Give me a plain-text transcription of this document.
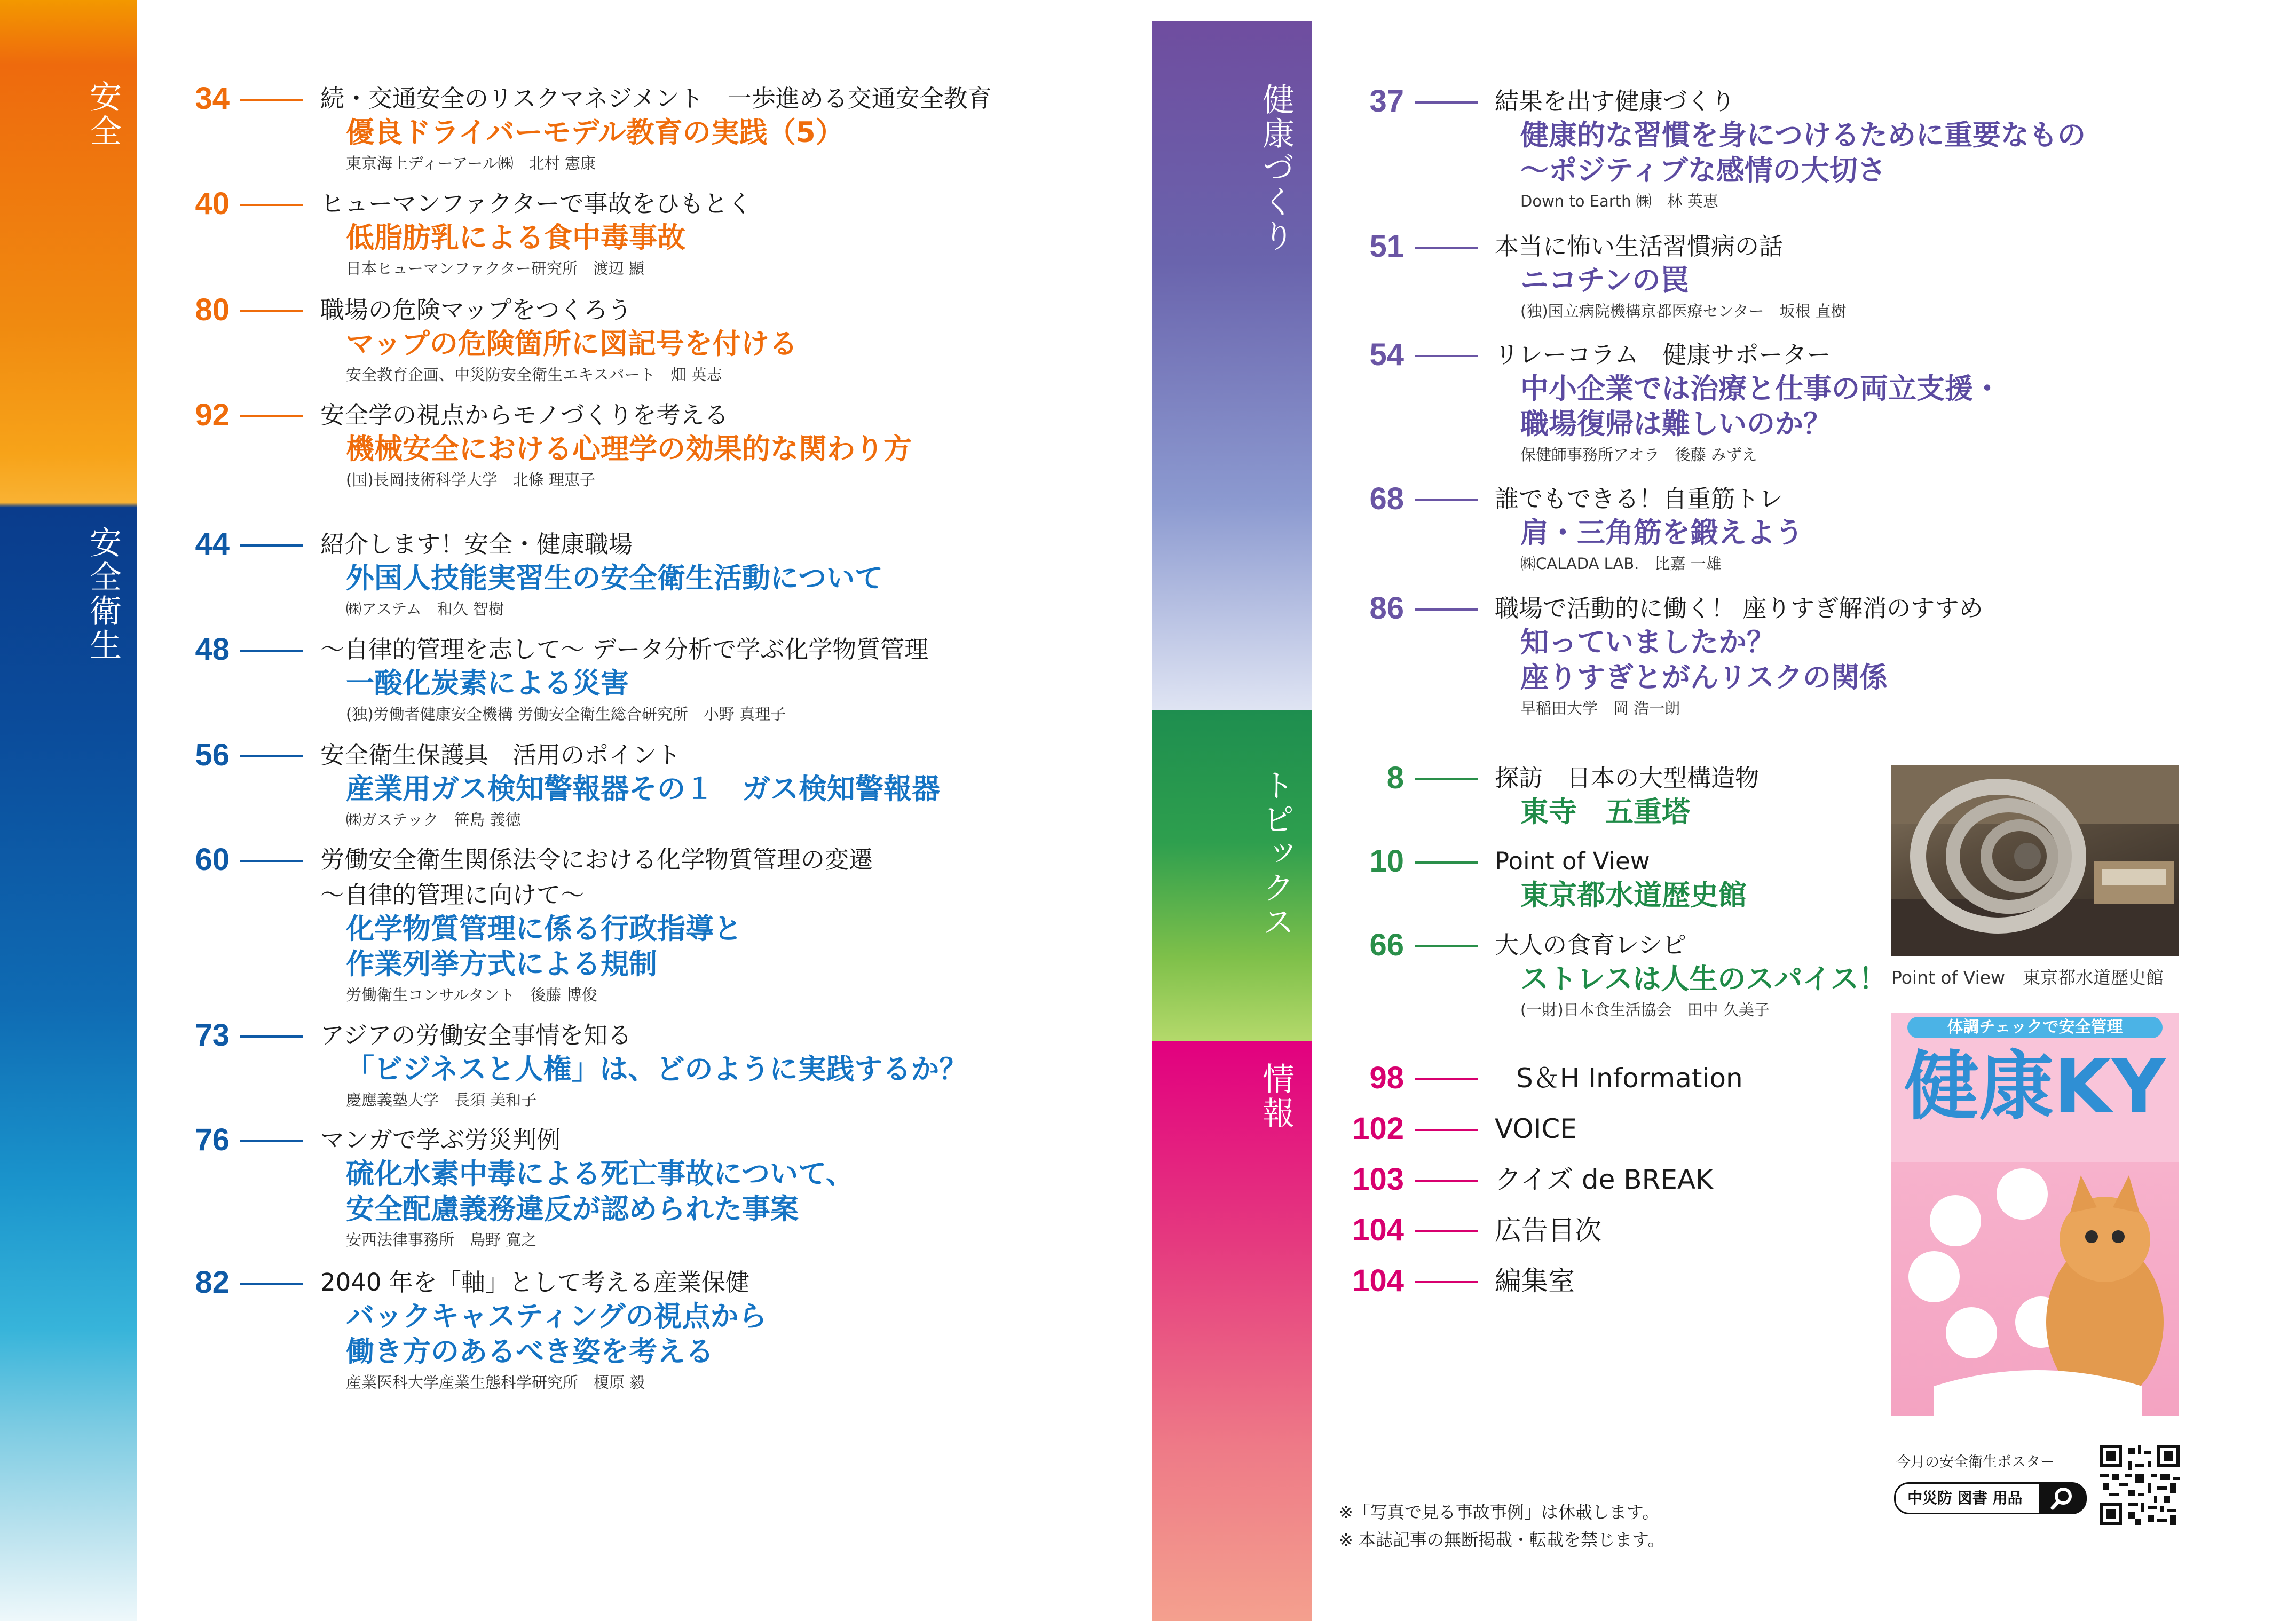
安全
安全衛生
健康づくり
トピックス
情報
34	続・交通安全のリスクマネジメント　一歩進める交通安全教育
優良ドライバーモデル教育の実践（5）
東京海上ディーアール㈱　北村 憲康
40	ヒューマンファクターで事故をひもとく
低脂肪乳による食中毒事故
日本ヒューマンファクター研究所　渡辺 顯
80	職場の危険マップをつくろう
マップの危険箇所に図記号を付ける
安全教育企画、中災防安全衛生エキスパート　畑 英志
92	安全学の視点からモノづくりを考える
機械安全における心理学の効果的な関わり方
(国)長岡技術科学大学　北條 理恵子
44	紹介します！安全・健康職場
外国人技能実習生の安全衛生活動について
㈱アステム　和久 智樹
48	～自律的管理を志して～ データ分析で学ぶ化学物質管理
一酸化炭素による災害
(独)労働者健康安全機構 労働安全衛生総合研究所　小野 真理子
56	安全衛生保護具　活用のポイント
産業用ガス検知警報器その１　ガス検知警報器
㈱ガステック　笹島 義徳
60	労働安全衛生関係法令における化学物質管理の変遷
～自律的管理に向けて～
化学物質管理に係る行政指導と
作業列挙方式による規制
労働衛生コンサルタント　後藤 博俊
73	アジアの労働安全事情を知る
「ビジネスと人権」は、どのように実践するか？
慶應義塾大学　長須 美和子
76	マンガで学ぶ労災判例
硫化水素中毒による死亡事故について、
安全配慮義務違反が認められた事案
安西法律事務所　島野 寛之
82	2040 年を「軸」として考える産業保健
バックキャスティングの視点から
働き方のあるべき姿を考える
産業医科大学産業生態科学研究所　榎原 毅
37	結果を出す健康づくり
健康的な習慣を身につけるために重要なもの
～ポジティブな感情の大切さ
Down to Earth ㈱　林 英恵
51	本当に怖い生活習慣病の話
ニコチンの罠
(独)国立病院機構京都医療センター　坂根 直樹
54	リレーコラム　健康サポーター
中小企業では治療と仕事の両立支援・
職場復帰は難しいのか？
保健師事務所アオラ　後藤 みずえ
68	誰でもできる！自重筋トレ
肩・三角筋を鍛えよう
㈱CALADA LAB.　比嘉 一雄
86	職場で活動的に働く！ 座りすぎ解消のすすめ
知っていましたか？
座りすぎとがんリスクの関係
早稲田大学　岡 浩一朗
8	探訪　日本の大型構造物
東寺　五重塔
10	Point of View
東京都水道歴史館
66	大人の食育レシピ
ストレスは人生のスパイス！
(一財)日本食生活協会　田中 久美子
98	S＆H Information
102	VOICE
103	クイズ de BREAK
104	広告目次
104	編集室
Point of View　東京都水道歴史館
体調チェックで安全管理
健康KY
今月の安全衛生ポスター
中災防 図書 用品
※「写真で見る事故事例」は休載します。
※ 本誌記事の無断掲載・転載を禁じます。
